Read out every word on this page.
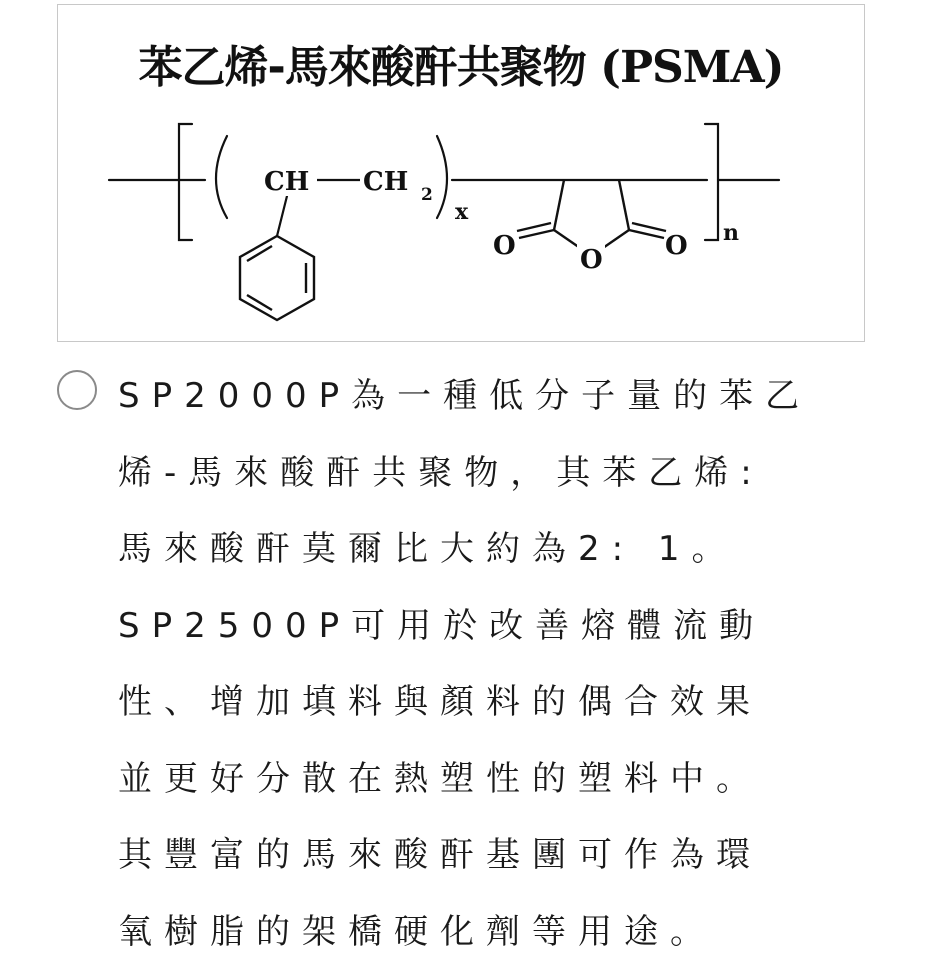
苯乙烯-馬來酸酐共聚物 (PSMA)
CH CH 2
x
n
O O O
SP2000P為一種低分子量的苯乙
烯-馬來酸酐共聚物，其苯乙烯:
馬來酸酐莫爾比大約為2: 1。
SP2500P可用於改善熔體流動
性、增加填料與顏料的偶合效果
並更好分散在熱塑性的塑料中。
其豐富的馬來酸酐基團可作為環
氧樹脂的架橋硬化劑等用途。
